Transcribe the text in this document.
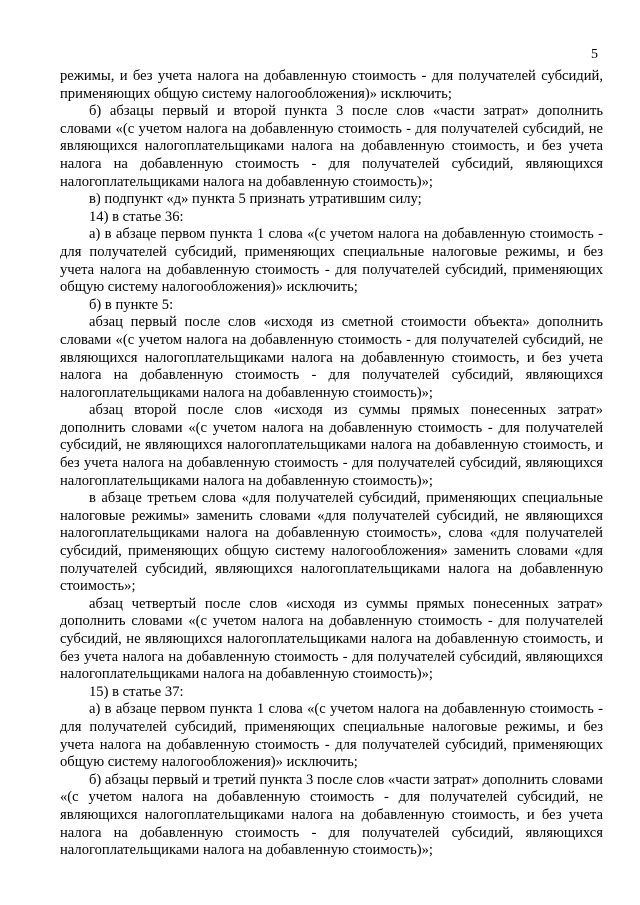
5

режимы, и без учета налога на добавленную стоимость - для получателей субсидий, применяющих общую систему налогообложения)» исключить;

б) абзацы первый и второй пункта 3 после слов «части затрат» дополнить словами «(с учетом налога на добавленную стоимость - для получателей субсидий, не являющихся налогоплательщиками налога на добавленную стоимость, и без учета налога на добавленную стоимость - для получателей субсидий, являющихся налогоплательщиками налога на добавленную стоимость)»;

в) подпункт «д» пункта 5 признать утратившим силу;

14) в статье 36:

а) в абзаце первом пункта 1 слова «(с учетом налога на добавленную стоимость - для получателей субсидий, применяющих специальные налоговые режимы, и без учета налога на добавленную стоимость - для получателей субсидий, применяющих общую систему налогообложения)» исключить;

б) в пункте 5:

абзац первый после слов «исходя из сметной стоимости объекта» дополнить словами «(с учетом налога на добавленную стоимость - для получателей субсидий, не являющихся налогоплательщиками налога на добавленную стоимость, и без учета налога на добавленную стоимость - для получателей субсидий, являющихся налогоплательщиками налога на добавленную стоимость)»;

абзац второй после слов «исходя из суммы прямых понесенных затрат» дополнить словами «(с учетом налога на добавленную стоимость - для получателей субсидий, не являющихся налогоплательщиками налога на добавленную стоимость, и без учета налога на добавленную стоимость - для получателей субсидий, являющихся налогоплательщиками налога на добавленную стоимость)»;

в абзаце третьем слова «для получателей субсидий, применяющих специальные налоговые режимы» заменить словами «для получателей субсидий, не являющихся налогоплательщиками налога на добавленную стоимость», слова «для получателей субсидий, применяющих общую систему налогообложения» заменить словами «для получателей субсидий, являющихся налогоплательщиками налога на добавленную стоимость»;

абзац четвертый после слов «исходя из суммы прямых понесенных затрат» дополнить словами «(с учетом налога на добавленную стоимость - для получателей субсидий, не являющихся налогоплательщиками налога на добавленную стоимость, и без учета налога на добавленную стоимость - для получателей субсидий, являющихся налогоплательщиками налога на добавленную стоимость)»;

15) в статье 37:

а) в абзаце первом пункта 1 слова «(с учетом налога на добавленную стоимость - для получателей субсидий, применяющих специальные налоговые режимы, и без учета налога на добавленную стоимость - для получателей субсидий, применяющих общую систему налогообложения)» исключить;

б) абзацы первый и третий пункта 3 после слов «части затрат» дополнить словами «(с учетом налога на добавленную стоимость - для получателей субсидий, не являющихся налогоплательщиками налога на добавленную стоимость, и без учета налога на добавленную стоимость - для получателей субсидий, являющихся налогоплательщиками налога на добавленную стоимость)»;
